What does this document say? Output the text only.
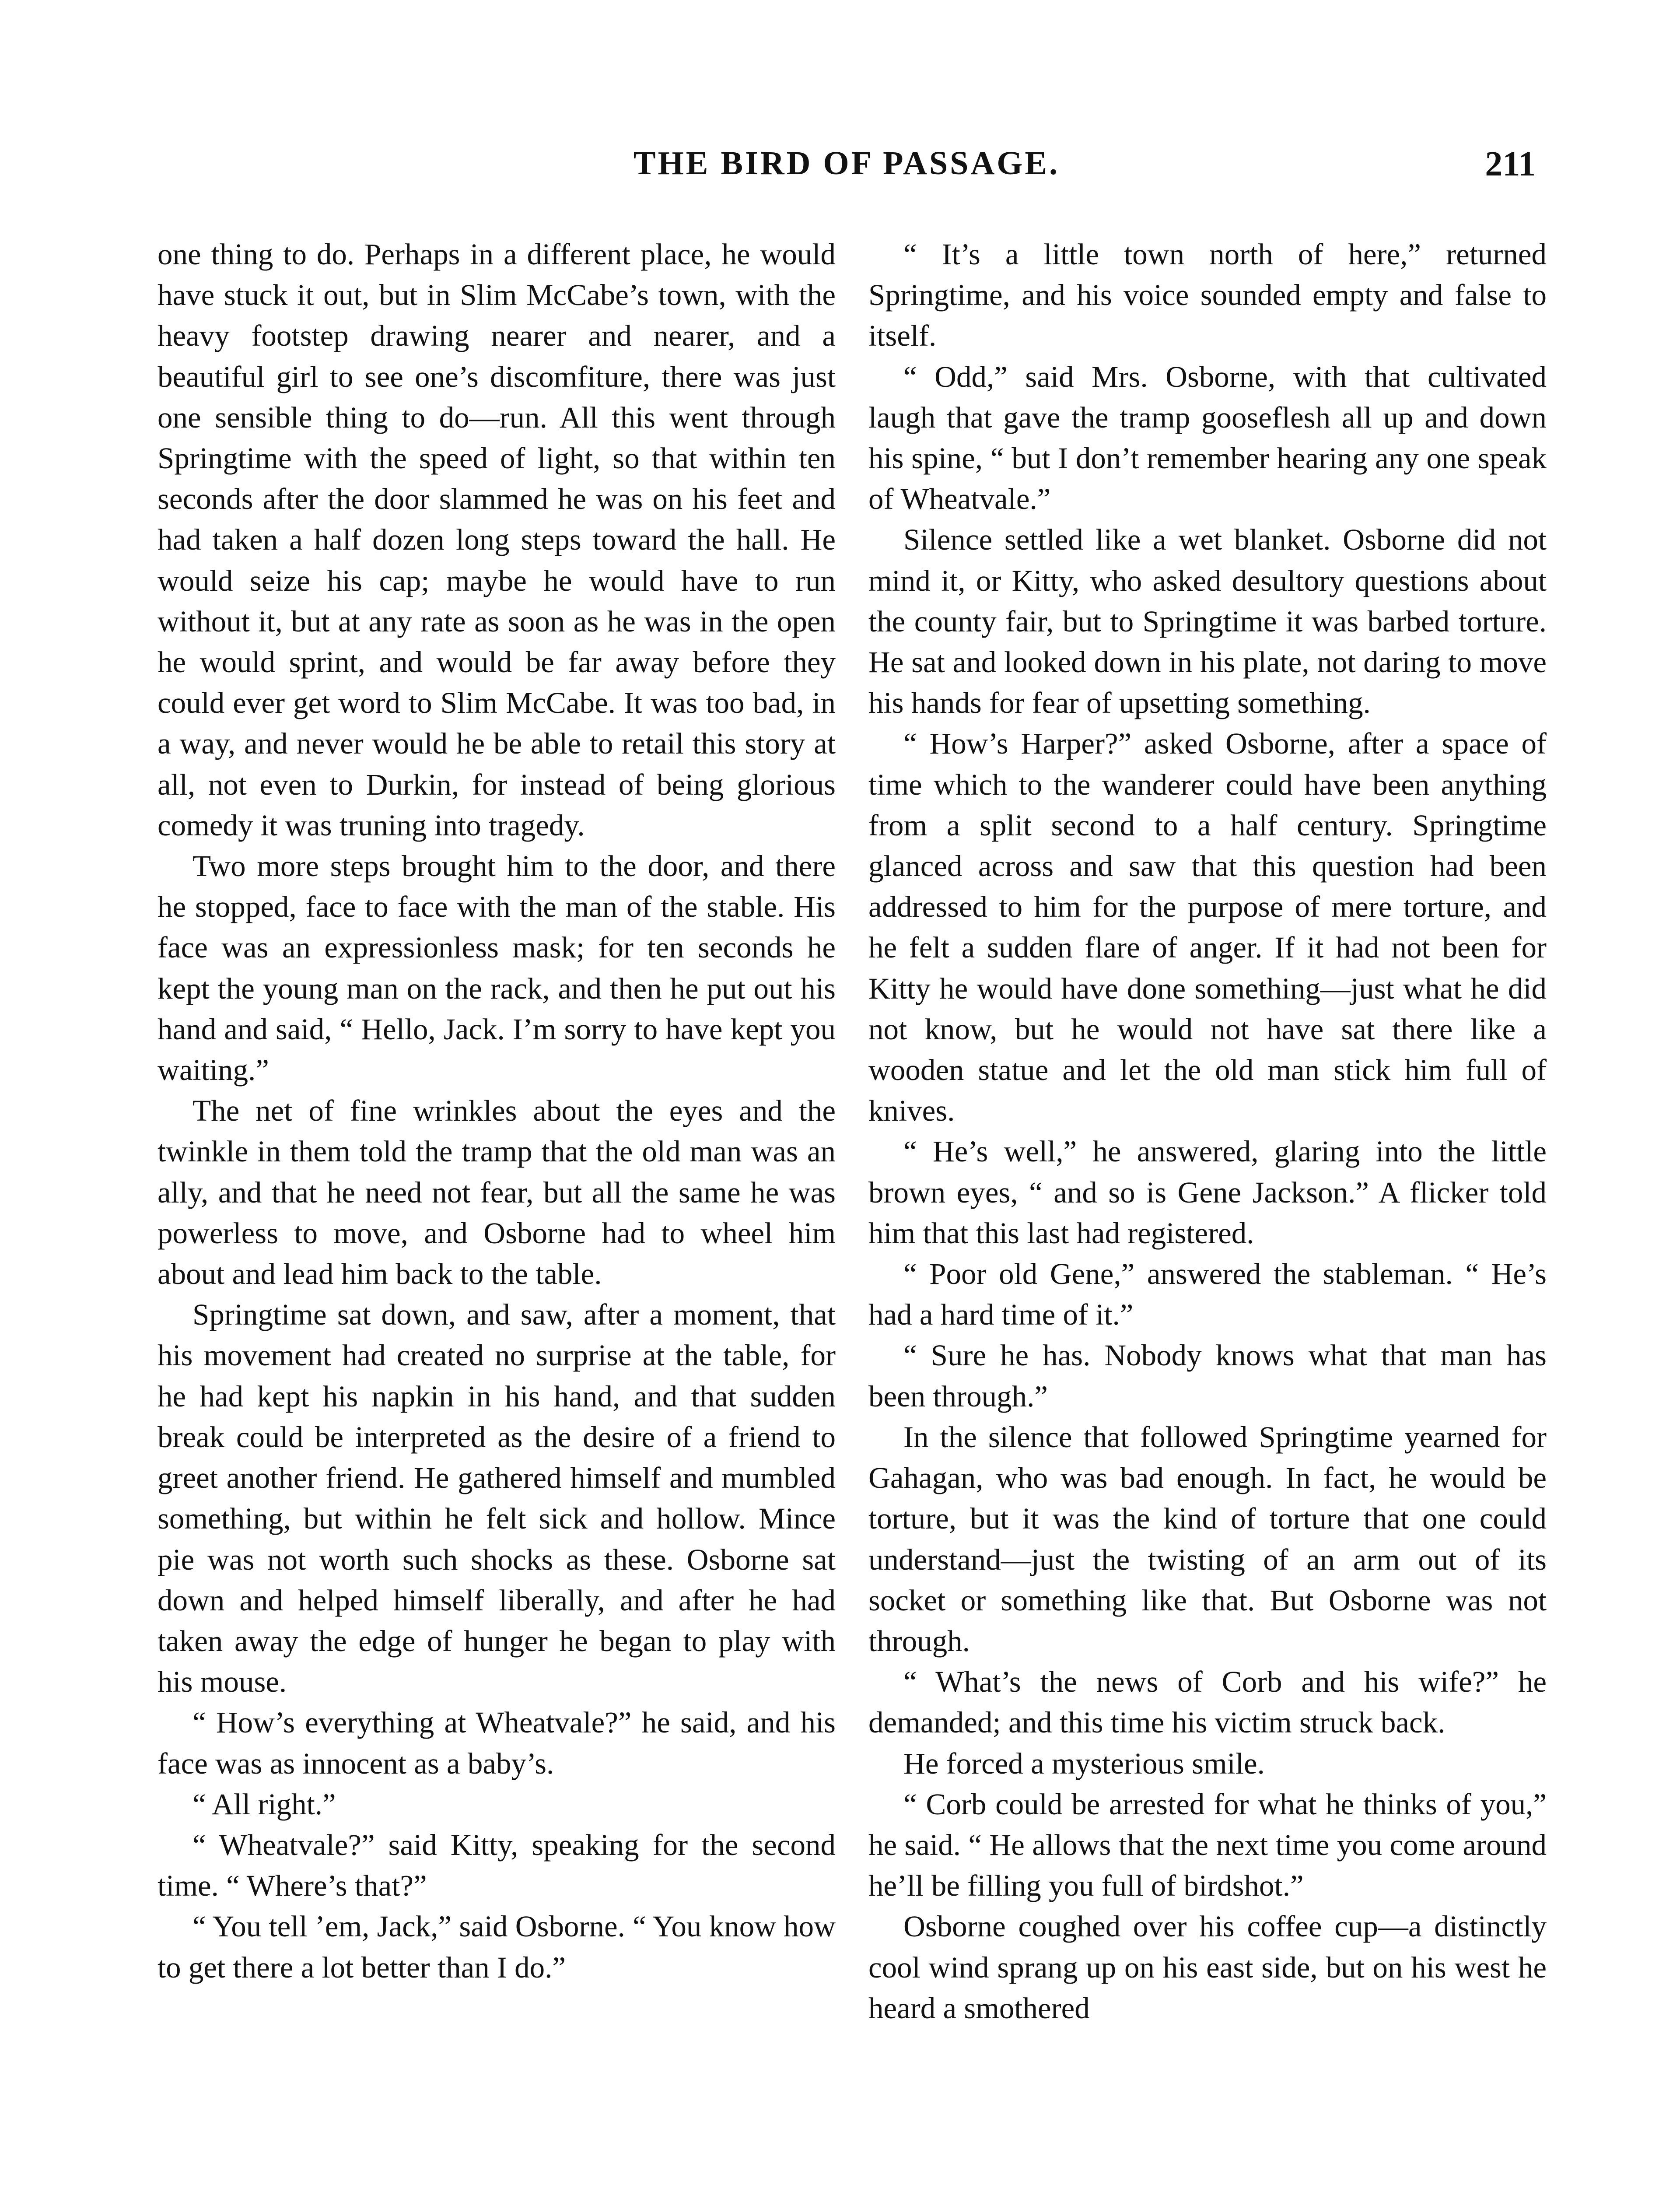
THE BIRD OF PASSAGE.	211

one thing to do. Perhaps in a different place, he would have stuck it out, but in Slim McCabe’s town, with the heavy footstep drawing nearer and nearer, and a beautiful girl to see one’s discomfiture, there was just one sensible thing to do—run. All this went through Springtime with the speed of light, so that within ten seconds after the door slammed he was on his feet and had taken a half dozen long steps toward the hall. He would seize his cap; maybe he would have to run without it, but at any rate as soon as he was in the open he would sprint, and would be far away before they could ever get word to Slim McCabe. It was too bad, in a way, and never would he be able to retail this story at all, not even to Durkin, for instead of being glorious comedy it was truning into tragedy.

Two more steps brought him to the door, and there he stopped, face to face with the man of the stable. His face was an expressionless mask; for ten seconds he kept the young man on the rack, and then he put out his hand and said, “ Hello, Jack. I’m sorry to have kept you waiting.”

The net of fine wrinkles about the eyes and the twinkle in them told the tramp that the old man was an ally, and that he need not fear, but all the same he was powerless to move, and Osborne had to wheel him about and lead him back to the table.

Springtime sat down, and saw, after a moment, that his movement had created no surprise at the table, for he had kept his napkin in his hand, and that sudden break could be interpreted as the desire of a friend to greet another friend. He gathered himself and mumbled something, but within he felt sick and hollow. Mince pie was not worth such shocks as these. Osborne sat down and helped himself liberally, and after he had taken away the edge of hunger he began to play with his mouse.

“ How’s everything at Wheatvale?” he said, and his face was as innocent as a baby’s.

“ All right.”

“ Wheatvale?” said Kitty, speaking for the second time. “ Where’s that?”

“ You tell ’em, Jack,” said Osborne. “ You know how to get there a lot better than I do.”

“ It’s a little town north of here,” returned Springtime, and his voice sounded empty and false to itself.

“ Odd,” said Mrs. Osborne, with that cultivated laugh that gave the tramp gooseflesh all up and down his spine, “ but I don’t remember hearing any one speak of Wheatvale.”

Silence settled like a wet blanket. Osborne did not mind it, or Kitty, who asked desultory questions about the county fair, but to Springtime it was barbed torture. He sat and looked down in his plate, not daring to move his hands for fear of upsetting something.

“ How’s Harper?” asked Osborne, after a space of time which to the wanderer could have been anything from a split second to a half century. Springtime glanced across and saw that this question had been addressed to him for the purpose of mere torture, and he felt a sudden flare of anger. If it had not been for Kitty he would have done something—just what he did not know, but he would not have sat there like a wooden statue and let the old man stick him full of knives.

“ He’s well,” he answered, glaring into the little brown eyes, “ and so is Gene Jackson.” A flicker told him that this last had registered.

“ Poor old Gene,” answered the stableman. “ He’s had a hard time of it.”

“ Sure he has. Nobody knows what that man has been through.”

In the silence that followed Springtime yearned for Gahagan, who was bad enough. In fact, he would be torture, but it was the kind of torture that one could understand—just the twisting of an arm out of its socket or something like that. But Osborne was not through.

“ What’s the news of Corb and his wife?” he demanded; and this time his victim struck back.

He forced a mysterious smile.

“ Corb could be arrested for what he thinks of you,” he said. “ He allows that the next time you come around he’ll be filling you full of birdshot.”

Osborne coughed over his coffee cup—a distinctly cool wind sprang up on his east side, but on his west he heard a smothered
